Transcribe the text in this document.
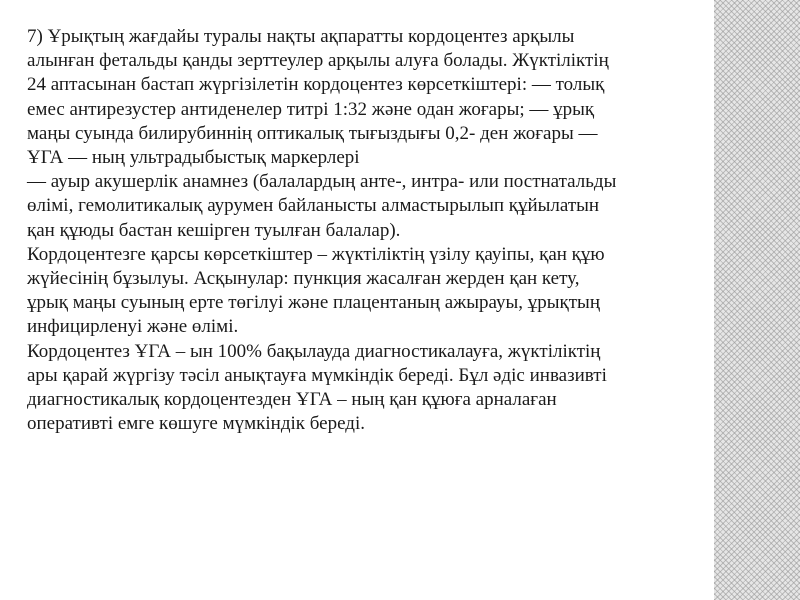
7) Ұрықтың жағдайы туралы нақты ақпаратты кордоцентез арқылы
алынған фетальды қанды зерттеулер арқылы алуға болады. Жүктіліктің
24 аптасынан бастап жүргізілетін кордоцентез көрсеткіштері: — толық
емес антирезустер антиденелер титрі 1:32 және одан жоғары; — ұрық
маңы суында билирубиннің оптикалық тығыздығы 0,2- ден жоғары —
ҰГА — ның ультрадыбыстық маркерлері

— ауыр акушерлік анамнез (балалардың анте-, интра- или постнатальды
өлімі, гемолитикалық аурумен байланысты алмастырылып құйылатын
қан құюды бастан кешірген туылған балалар).

Кордоцентезге қарсы көрсеткіштер – жүктіліктің үзілу қауіпы, қан құю
жүйесінің бұзылуы. Асқынулар: пункция жасалған жерден қан кету,
ұрық маңы суының ерте төгілуі және плацентаның ажырауы, ұрықтың
инфицирленуі және өлімі.

Кордоцентез ҰГА – ын 100% бақылауда диагностикалауға, жүктіліктің
ары қарай жүргізу тәсіл анықтауға мүмкіндік береді. Бұл әдіс инвазивті
диагностикалық кордоцентезден ҰГА – ның қан құюға арналаған
оперативті емге көшуге мүмкіндік береді.
